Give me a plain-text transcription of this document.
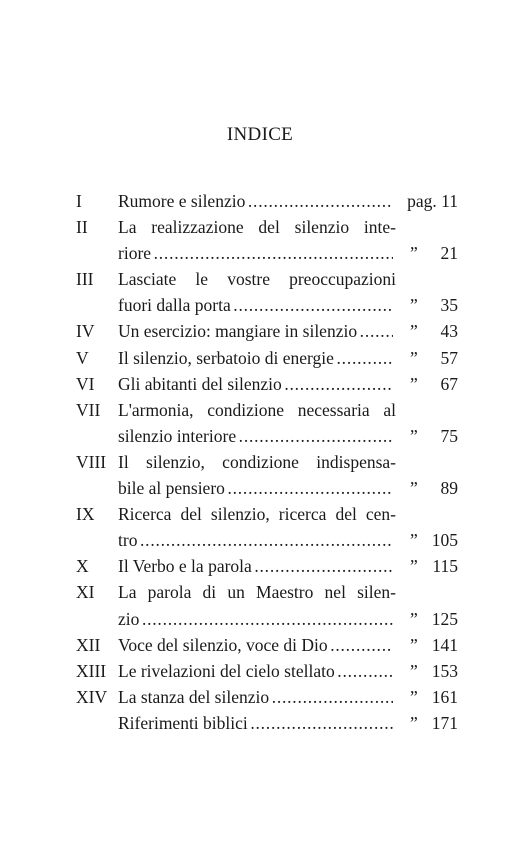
INDICE
I Rumore e silenzio . . .	pag. 11
II La realizzazione del silenzio inte-
riore . . .	” 21
III Lasciate le vostre preoccupazioni
fuori dalla porta . . .	” 35
IV Un esercizio: mangiare in silenzio . . .	” 43
V Il silenzio, serbatoio di energie . . .	” 57
VI Gli abitanti del silenzio . . .	” 67
VII L'armonia, condizione necessaria al
silenzio interiore . . .	” 75
VIII Il silenzio, condizione indispensa-
bile al pensiero . . .	” 89
IX Ricerca del silenzio, ricerca del cen-
tro . . .	” 105
X Il Verbo e la parola . . .	” 115
XI La parola di un Maestro nel silen-
zio . . .	” 125
XII Voce del silenzio, voce di Dio . . .	” 141
XIII Le rivelazioni del cielo stellato . . .	” 153
XIV La stanza del silenzio . . .	” 161
Riferimenti biblici . . .	” 171
